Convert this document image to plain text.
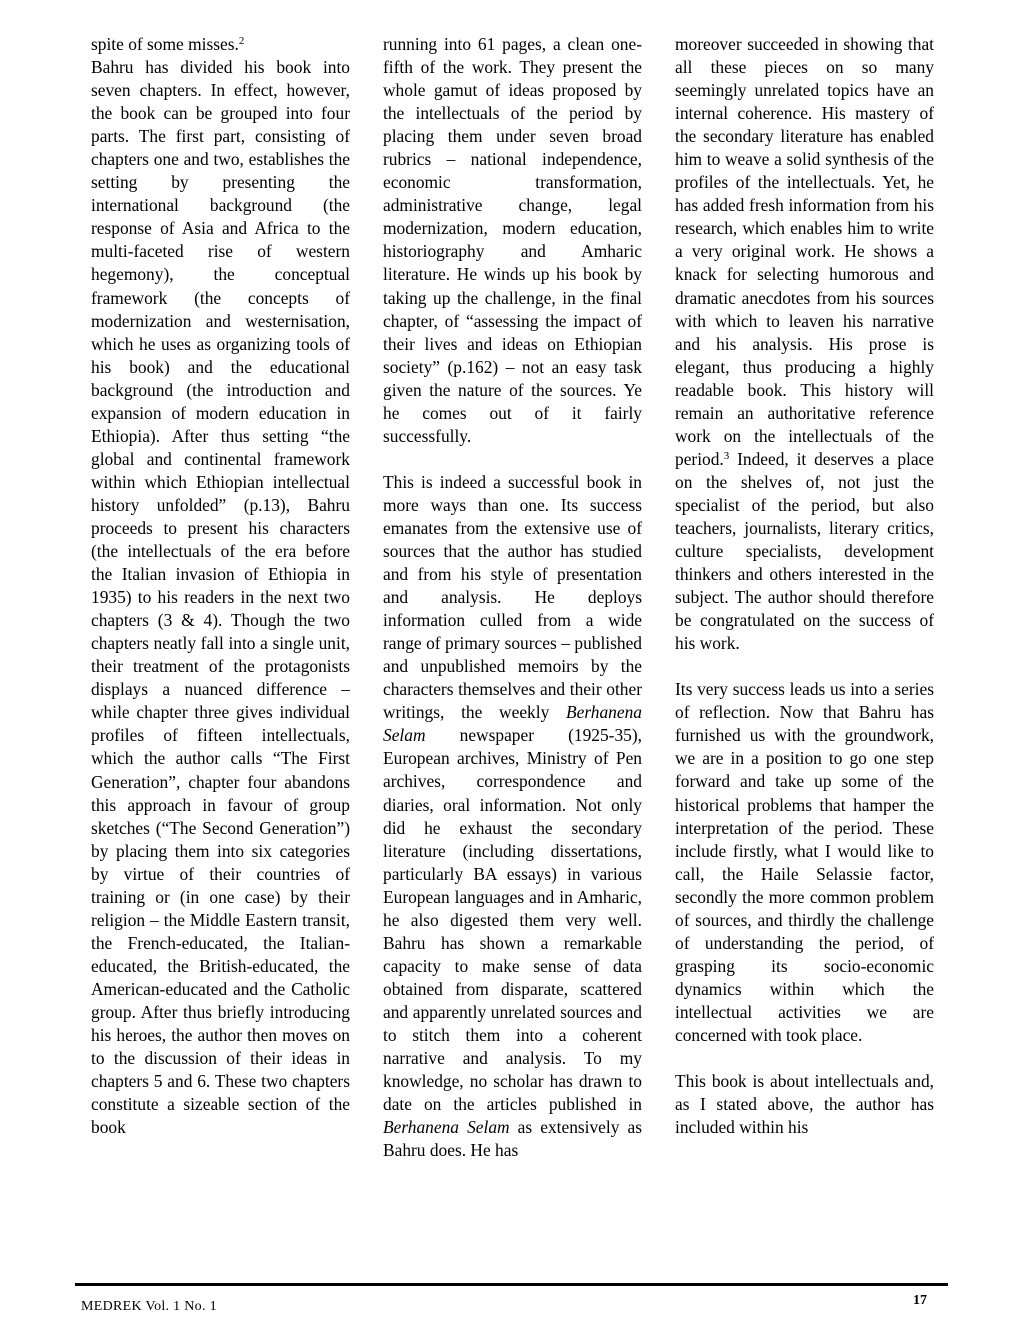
spite of some misses.$^2$

Bahru has divided his book into seven chapters. In effect, however, the book can be grouped into four parts. The first part, consisting of chapters one and two, establishes the setting by presenting the international background (the response of Asia and Africa to the multi-faceted rise of western hegemony), the conceptual framework (the concepts of modernization and westernisation, which he uses as organizing tools of his book) and the educational background (the introduction and expansion of modern education in Ethiopia). After thus setting “the global and continental framework within which Ethiopian intellectual history unfolded” (p.13), Bahru proceeds to present his characters (the intellectuals of the era before the Italian invasion of Ethiopia in 1935) to his readers in the next two chapters (3 & 4). Though the two chapters neatly fall into a single unit, their treatment of the protagonists displays a nuanced difference – while chapter three gives individual profiles of fifteen intellectuals, which the author calls “The First Generation”, chapter four abandons this approach in favour of group sketches (“The Second Generation”) by placing them into six categories by virtue of their countries of training or (in one case) by their religion – the Middle Eastern transit, the French-educated, the Italian-educated, the British-educated, the American-educated and the Catholic group. After thus briefly introducing his heroes, the author then moves on to the discussion of their ideas in chapters 5 and 6. These two chapters constitute a sizeable section of the book

running into 61 pages, a clean one-fifth of the work. They present the whole gamut of ideas proposed by the intellectuals of the period by placing them under seven broad rubrics – national independence, economic transformation, administrative change, legal modernization, modern education, historiography and Amharic literature. He winds up his book by taking up the challenge, in the final chapter, of “assessing the impact of their lives and ideas on Ethiopian society” (p.162) – not an easy task given the nature of the sources. Ye he comes out of it fairly successfully.

This is indeed a successful book in more ways than one. Its success emanates from the extensive use of sources that the author has studied and from his style of presentation and analysis. He deploys information culled from a wide range of primary sources – published and unpublished memoirs by the characters themselves and their other writings, the weekly Berhanena Selam newspaper (1925-35), European archives, Ministry of Pen archives, correspondence and diaries, oral information. Not only did he exhaust the secondary literature (including dissertations, particularly BA essays) in various European languages and in Amharic, he also digested them very well. Bahru has shown a remarkable capacity to make sense of data obtained from disparate, scattered and apparently unrelated sources and to stitch them into a coherent narrative and analysis. To my knowledge, no scholar has drawn to date on the articles published in Berhanena Selam as extensively as Bahru does. He has

moreover succeeded in showing that all these pieces on so many seemingly unrelated topics have an internal coherence. His mastery of the secondary literature has enabled him to weave a solid synthesis of the profiles of the intellectuals. Yet, he has added fresh information from his research, which enables him to write a very original work. He shows a knack for selecting humorous and dramatic anecdotes from his sources with which to leaven his narrative and his analysis. His prose is elegant, thus producing a highly readable book. This history will remain an authoritative reference work on the intellectuals of the period.$^3$ Indeed, it deserves a place on the shelves of, not just the specialist of the period, but also teachers, journalists, literary critics, culture specialists, development thinkers and others interested in the subject. The author should therefore be congratulated on the success of his work.

Its very success leads us into a series of reflection. Now that Bahru has furnished us with the groundwork, we are in a position to go one step forward and take up some of the historical problems that hamper the interpretation of the period. These include firstly, what I would like to call, the Haile Selassie factor, secondly the more common problem of sources, and thirdly the challenge of understanding the period, of grasping its socio-economic dynamics within which the intellectual activities we are concerned with took place.

This book is about intellectuals and, as I stated above, the author has included within his

MEDREK Vol. 1 No. 1	17
